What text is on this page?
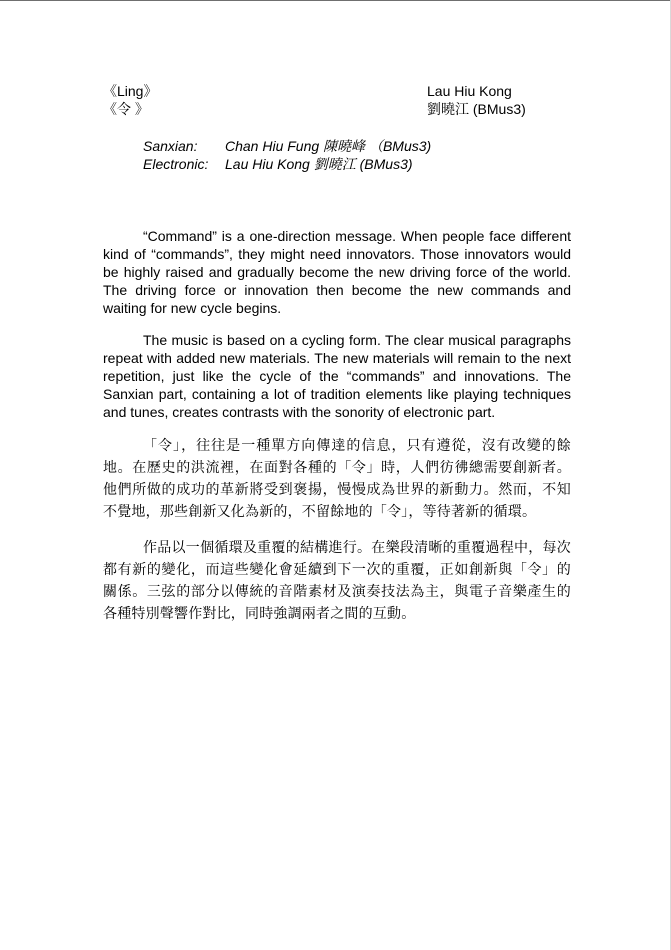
《Ling》
《令 》
Lau Hiu Kong
劉曉江 (BMus3)
Sanxian:	Chan Hiu Fung 陳曉峰 （BMus3)
Electronic:	Lau Hiu Kong 劉曉江 (BMus3)

“Command” is a one-direction message. When people face different kind of “commands”, they might need innovators. Those innovators would be highly raised and gradually become the new driving force of the world. The driving force or innovation then become the new commands and waiting for new cycle begins.

The music is based on a cycling form. The clear musical paragraphs repeat with added new materials. The new materials will remain to the next repetition, just like the cycle of the “commands” and innovations. The Sanxian part, containing a lot of tradition elements like playing techniques and tunes, creates contrasts with the sonority of electronic part.

「令」，往往是一種單方向傳達的信息，只有遵從，沒有改變的餘地。在歷史的洪流裡，在面對各種的「令」時，人們彷彿總需要創新者。他們所做的成功的革新將受到褒揚，慢慢成為世界的新動力。然而，不知不覺地，那些創新又化為新的，不留餘地的「令」，等待著新的循環。

作品以一個循環及重覆的結構進行。在樂段清晰的重覆過程中，每次都有新的變化，而這些變化會延續到下一次的重覆，正如創新與「令」的關係。三弦的部分以傳統的音階素材及演奏技法為主，與電子音樂產生的各種特別聲響作對比，同時強調兩者之間的互動。
